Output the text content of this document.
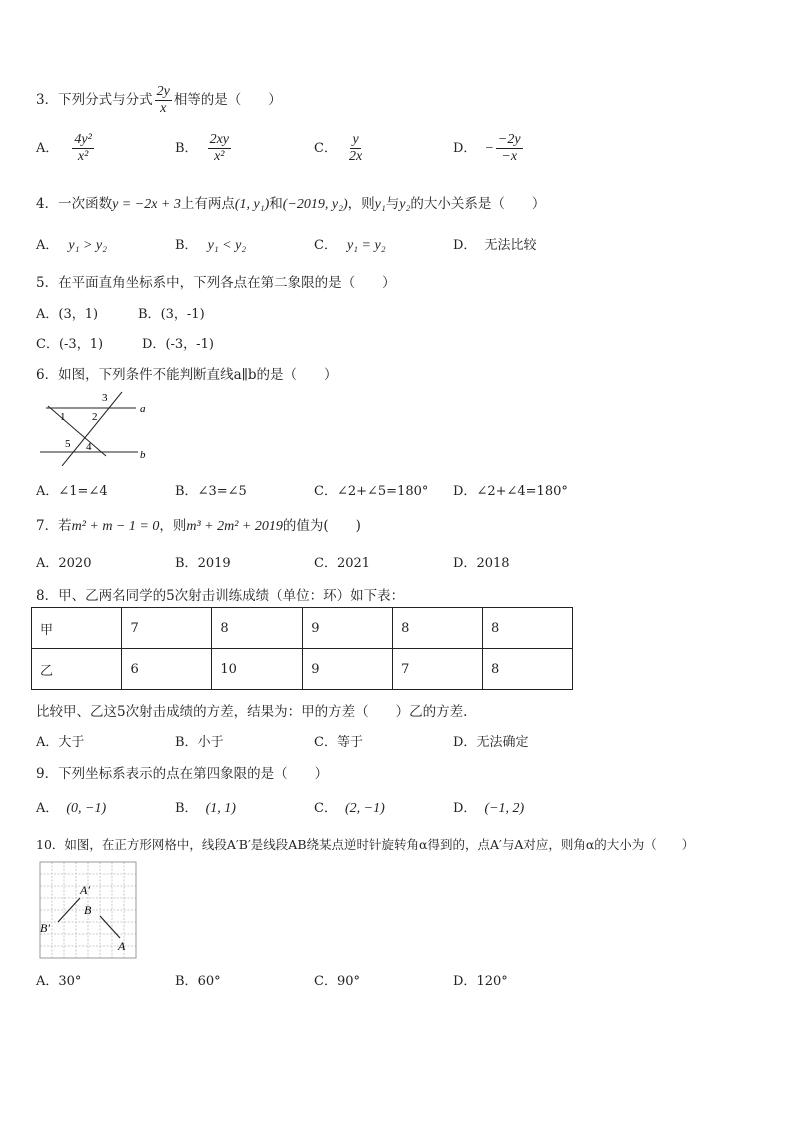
3．下列分式与分式 $\frac{2y}{x}$ 相等的是（　　）
A． $\frac{\text{4y²}}{\text{x²}}$	B． $\frac{2xy}{\text{x²}}$	C． $\frac{y}{2x}$	D． − $\frac{-2y}{-x}$
4．一次函数y = −2x + 3上有两点(1, y₁)和(−2019, y₂)，则y₁与y₂的大小关系是（　　）
A． y₁ > y₂	B． y₁ < y₂	C． y₁ = y₂	D． 无法比较
5．在平面直角坐标系中，下列各点在第二象限的是（　　）
A．(3，1)	B．(3，-1)
C．(-3，1)	D．(-3，-1)
6．如图，下列条件不能判断直线a∥b的是（　　）
a
b
1 2
3
4
5
A．∠1=∠4	B．∠3=∠5	C．∠2+∠5=180° D．∠2+∠4=180°
7．若m² + m − 1 = 0，则m³ + 2m² + 2019的值为(　　)
A．2020	B．2019	C．2021	D．2018
8．甲、乙两名同学的5次射击训练成绩（单位：环）如下表：
甲	7	8	9	8	8
乙	6	10	9	7	8
比较甲、乙这5次射击成绩的方差，结果为：甲的方差（　　）乙的方差.
A．大于	B．小于	C．等于	D．无法确定
9．下列坐标系表示的点在第四象限的是（　　）
A． (0, −1)	B． (1, 1)	C． (2, −1)	D． (−1, 2)
10．如图，在正方形网格中，线段A′B′是线段AB绕某点逆时针旋转角α得到的，点A′与A对应，则角α的大小为（　　）
A′
B
B′
A
A．30°	B．60°	C．90°	D．120°
